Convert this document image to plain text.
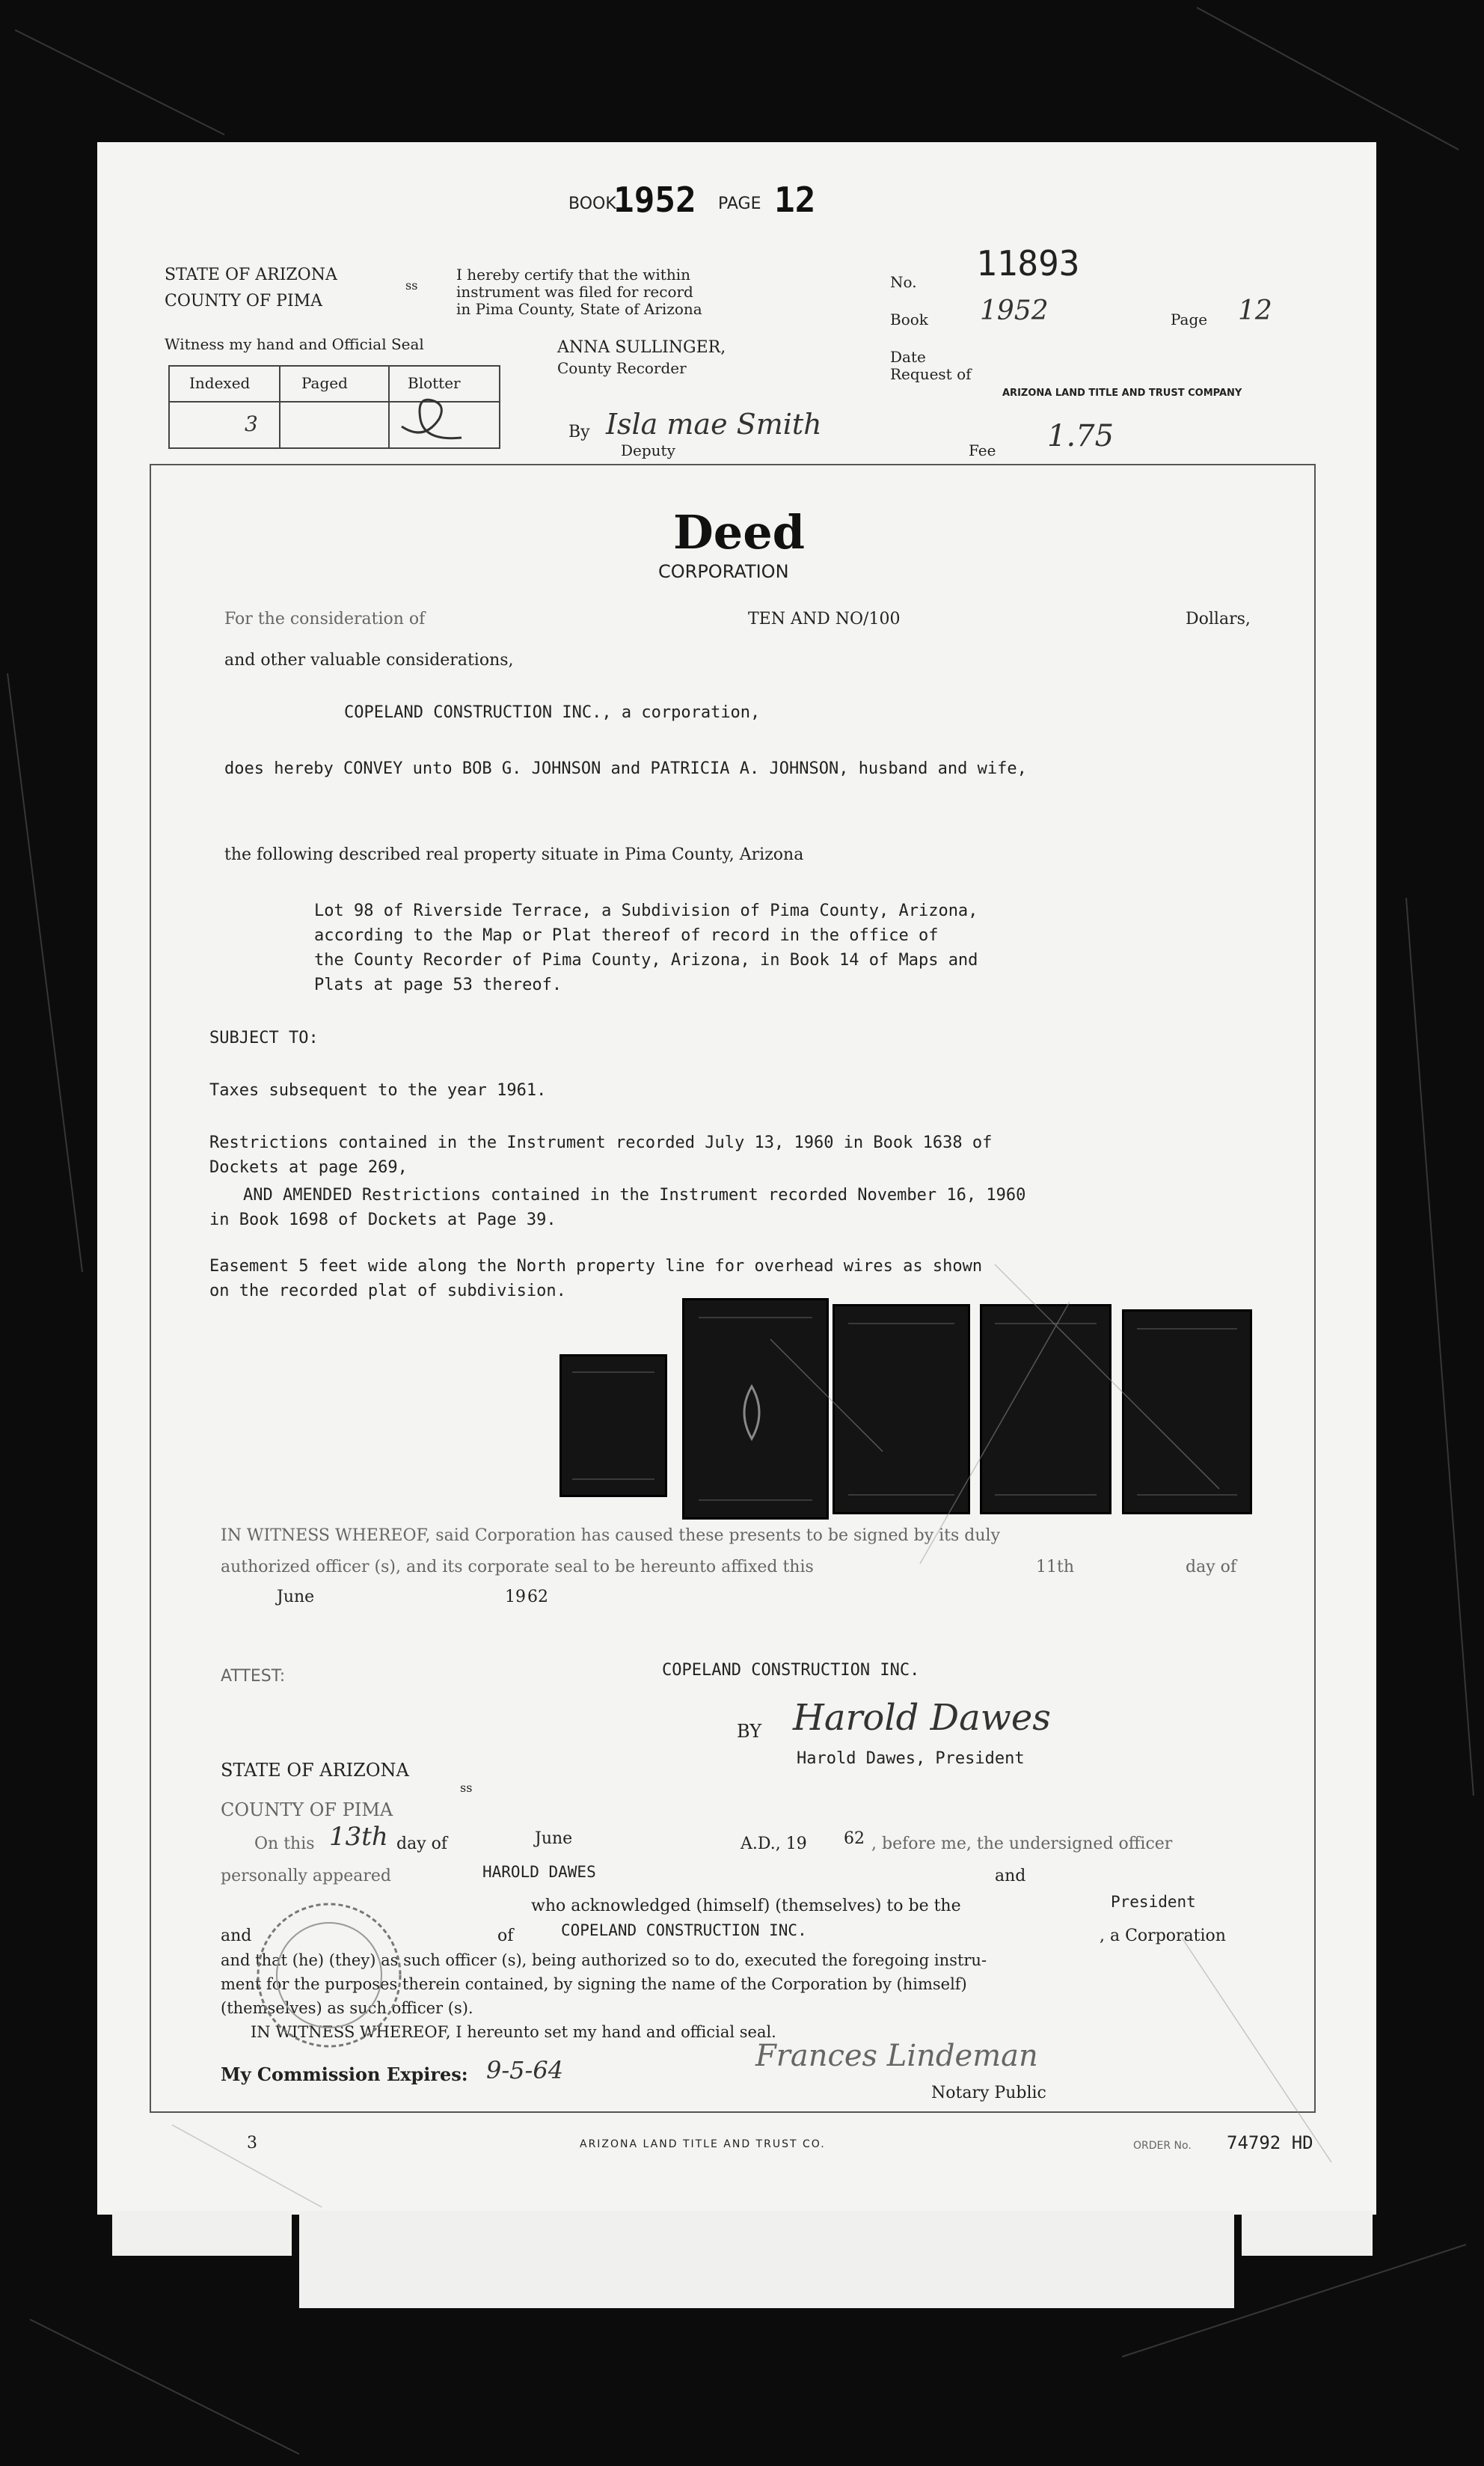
BOOK
1952 PAGE 12
STATE OF ARIZONA
COUNTY OF PIMA
ss
I hereby certify that the within
instrument was filed for record
in Pima County, State of Arizona
Witness my hand and Official Seal	ANNA SULLINGER,
County Recorder
Indexed	Paged	Blotter
3	By Isla mae Smith
Deputy
No. 11893
Book 1952	Page 12
Date
Request of
ARIZONA LAND TITLE AND TRUST COMPANY
Fee 1.75
Deed
CORPORATION
For the consideration of	TEN AND NO/100	Dollars,
and other valuable considerations,
COPELAND CONSTRUCTION INC., a corporation,
does hereby CONVEY unto BOB G. JOHNSON and PATRICIA A. JOHNSON, husband and wife,
the following described real property situate in Pima County, Arizona
Lot 98 of Riverside Terrace, a Subdivision of Pima County, Arizona,
according to the Map or Plat thereof of record in the office of
the County Recorder of Pima County, Arizona, in Book 14 of Maps and
Plats at page 53 thereof.
SUBJECT TO:
Taxes subsequent to the year 1961.
Restrictions contained in the Instrument recorded July 13, 1960 in Book 1638 of
Dockets at page 269,
AND AMENDED Restrictions contained in the Instrument recorded November 16, 1960
in Book 1698 of Dockets at Page 39.
Easement 5 feet wide along the North property line for overhead wires as shown
on the recorded plat of subdivision.
IN WITNESS WHEREOF, said Corporation has caused these presents to be signed by its duly
authorized officer (s), and its corporate seal to be hereunto affixed this	11th	day of
June	19 62
ATTEST:	COPELAND CONSTRUCTION INC.
BY Harold Dawes
Harold Dawes, President
STATE OF ARIZONA
COUNTY OF PIMA
ss
On this 13th day of	June	A.D., 19 62 , before me, the undersigned officer
personally appeared	HAROLD DAWES	and
who acknowledged (himself) (themselves) to be the	President
and	of	COPELAND CONSTRUCTION INC.	, a Corporation
and that (he) (they) as such officer (s), being authorized so to do, executed the foregoing instru-
ment for the purposes therein contained, by signing the name of the Corporation by (himself)
(themselves) as such officer (s).
IN WITNESS WHEREOF, I hereunto set my hand and official seal.
My Commission Expires: 9-5-64	Frances Lindeman
Notary Public
3	ARIZONA LAND TITLE AND TRUST CO.	ORDER No. 74792 HD
